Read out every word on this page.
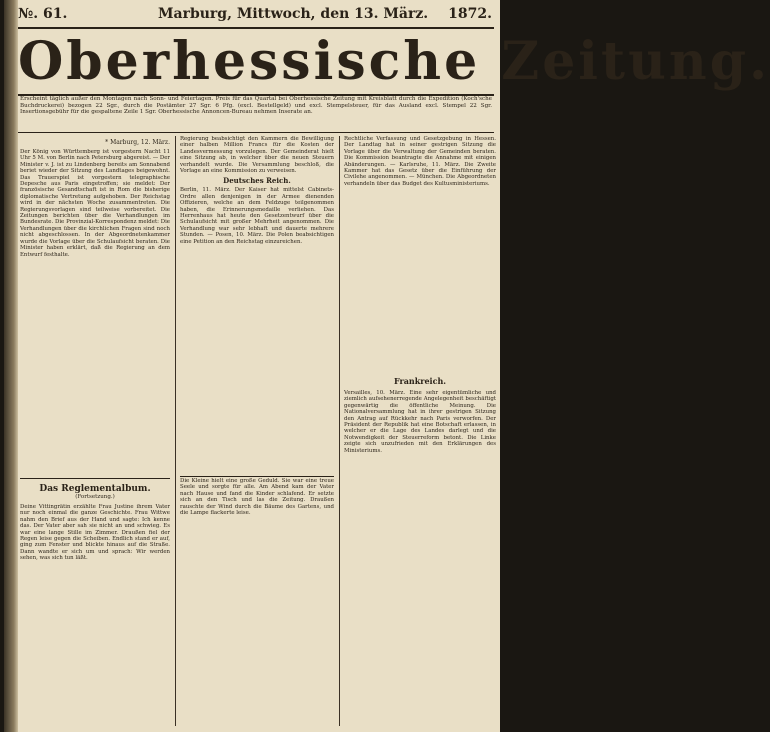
№. 61.	Marburg, Mittwoch, den 13. März. 1872.
Oberhessische Zeitung.
Erscheint täglich außer den Montagen nach Sonn- und Feiertagen. Preis für das Quartal bei Oberhessische Zeitung mit Kreisblatt durch die Expedition (Koch'sche Buchdruckerei) bezogen 22 Sgr., durch die Postämter 27 Sgr. 6 Pfg. (excl. Bestellgeld) und excl. Stempelsteuer, für das Ausland excl. Stempel 22 Sgr. Insertionsgebühr für die gespaltene Zeile 1 Sgr. Oberhessische Annoncen-Bureau nehmen Inserate an.
* Marburg, 12. März.
Der König von Württemberg ist vorgestern Nacht 11 Uhr 5 M. von Berlin nach Petersburg abgereist. — Der Minister v. J. ist zu Lindenberg bereits am Sonnabend beriet wieder der Sitzung des Landtages beigewohnt. Das Trauerspiel ist vorgestern telegraphische Depesche aus Paris eingetroffen; sie meldet: Der französische Gesandtschaft ist in Rom die bisherige diplomatische Vertretung aufgehoben. Der Reichstag wird in der nächsten Woche zusammentreten. Die Regierungsvorlagen sind teilweise vorbereitet. Die Zeitungen berichten über die Verhandlungen im Bundesrate. Die Provinzial-Korrespondenz meldet: Die Verhandlungen über die kirchlichen Fragen sind noch nicht abgeschlossen. In der Abgeordnetenkammer wurde die Vorlage über die Schulaufsicht beraten. Die Minister haben erklärt, daß die Regierung an dem Entwurf festhalte.
Das Reglementalbum.
(Fortsetzung.)
Deine Vittingrätin erzählte Frau Justine ihrem Vater nur noch einmal die ganze Geschichte. Frau Wittwe nahm den Brief aus der Hand und sagte: Ich kenne das. Der Vater aber sah sie nicht an und schwieg. Es war eine lange Stille im Zimmer. Draußen fiel der Regen leise gegen die Scheiben. Endlich stand er auf, ging zum Fenster und blickte hinaus auf die Straße. Dann wandte er sich um und sprach: Wir werden sehen, was sich tun läßt.
Regierung beabsichtigt den Kammern die Bewilligung einer halben Million Francs für die Kosten der Landesvermessung vorzulegen. Der Gemeinderat hielt eine Sitzung ab, in welcher über die neuen Steuern verhandelt wurde. Die Versammlung beschloß, die Vorlage an eine Kommission zu verweisen.
Deutsches Reich.
Berlin, 11. März. Der Kaiser hat mittelst Cabinets-Ordre allen denjenigen in der Armee dienenden Offizieren, welche an dem Feldzuge teilgenommen haben, die Erinnerungsmedaille verliehen. Das Herrenhaus hat heute den Gesetzentwurf über die Schulaufsicht mit großer Mehrheit angenommen. Die Verhandlung war sehr lebhaft und dauerte mehrere Stunden. — Posen, 10. März. Die Polen beabsichtigen eine Petition an den Reichstag einzureichen.
Die Kleine hielt eine große Geduld. Sie war eine treue Seele und sorgte für alle. Am Abend kam der Vater nach Hause und fand die Kinder schlafend. Er setzte sich an den Tisch und las die Zeitung. Draußen rauschte der Wind durch die Bäume des Gartens, und die Lampe flackerte leise.
Rechtliche Verfassung und Gesetzgebung in Hessen. Der Landtag hat in seiner gestrigen Sitzung die Vorlage über die Verwaltung der Gemeinden beraten. Die Kommission beantragte die Annahme mit einigen Abänderungen. — Karlsruhe, 11. März. Die Zweite Kammer hat das Gesetz über die Einführung der Civilehe angenommen. — München. Die Abgeordneten verhandeln über das Budget des Kultusministeriums.
Frankreich.
Versailles, 10. März. Eine sehr eigentümliche und ziemlich aufsehenerregende Angelegenheit beschäftigt gegenwärtig die öffentliche Meinung. Die Nationalversammlung hat in ihrer gestrigen Sitzung den Antrag auf Rückkehr nach Paris verworfen. Der Präsident der Republik hat eine Botschaft erlassen, in welcher er die Lage des Landes darlegt und die Notwendigkeit der Steuerreform betont. Die Linke zeigte sich unzufrieden mit den Erklärungen des Ministeriums.
